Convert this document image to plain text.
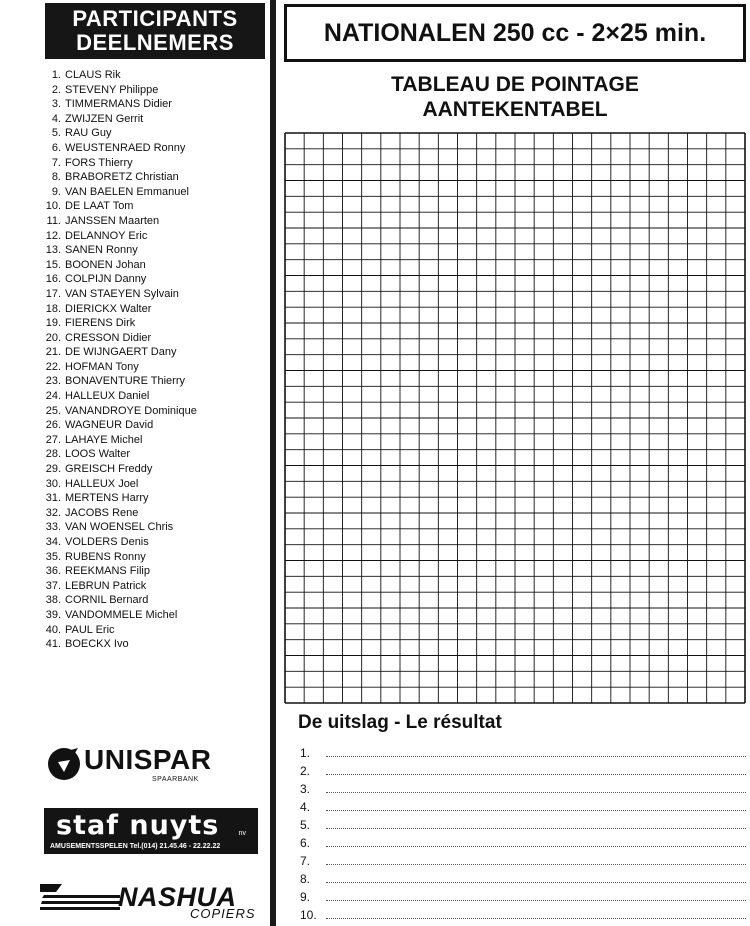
PARTICIPANTS
DEELNEMERS
1. CLAUS Rik
2. STEVENY Philippe
3. TIMMERMANS Didier
4. ZWIJZEN Gerrit
5. RAU Guy
6. WEUSTENRAED Ronny
7. FORS Thierry
8. BRABORETZ Christian
9. VAN BAELEN Emmanuel
10. DE LAAT Tom
11. JANSSEN Maarten
12. DELANNOY Eric
13. SANEN Ronny
15. BOONEN Johan
16. COLPIJN Danny
17. VAN STAEYEN Sylvain
18. DIERICKX Walter
19. FIERENS Dirk
20. CRESSON Didier
21. DE WIJNGAERT Dany
22. HOFMAN Tony
23. BONAVENTURE Thierry
24. HALLEUX Daniel
25. VANANDROYE Dominique
26. WAGNEUR David
27. LAHAYE Michel
28. LOOS Walter
29. GREISCH Freddy
30. HALLEUX Joel
31. MERTENS Harry
32. JACOBS Rene
33. VAN WOENSEL Chris
34. VOLDERS Denis
35. RUBENS Ronny
36. REEKMANS Filip
37. LEBRUN Patrick
38. CORNIL Bernard
39. VANDOMMELE Michel
40. PAUL Eric
41. BOECKX Ivo
NATIONALEN 250 cc - 2×25 min.
TABLEAU DE POINTAGE
AANTEKENTABEL
De uitslag - Le résultat
1.
2.
3.
4.
5.
6.
7.
8.
9.
10.
UNISPAR
SPAARBANK
staf nuyts	nv
AMUSEMENTSSPELEN Tel.(014) 21.45.46 - 22.22.22
NASHUA
COPIERS
